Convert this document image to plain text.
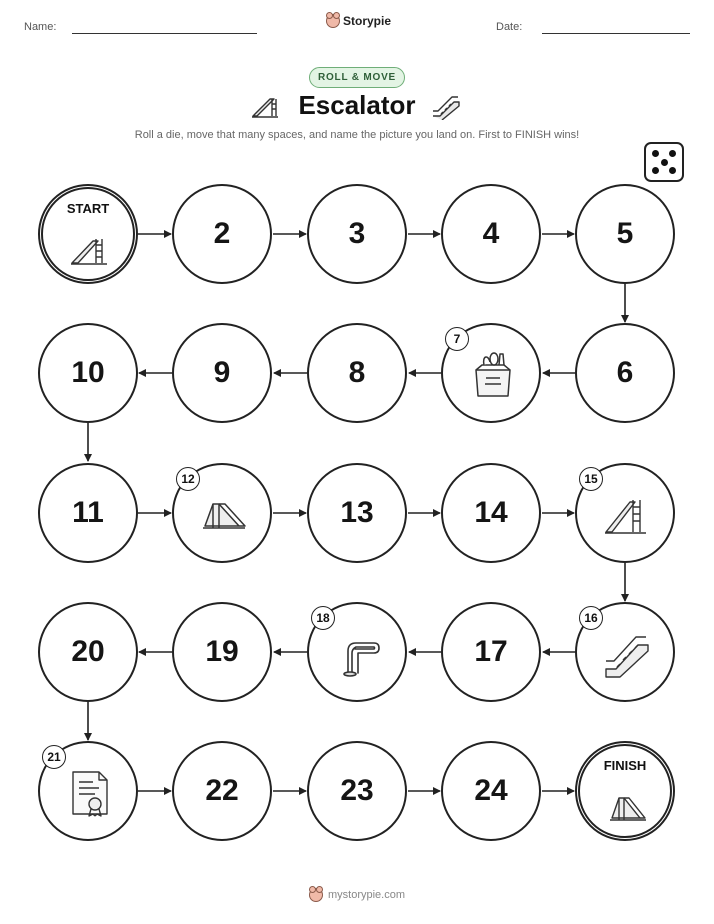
Name:	Storypie	Date:
ROLL & MOVE
Escalator
Roll a die, move that many spaces, and name the picture you land on. First to FINISH wins!
START
2	3	4	5
10	9	8
7
6
11
12
13	14
15
20	19
18
17
16
21
22	23	24
FINISH
mystorypie.com
